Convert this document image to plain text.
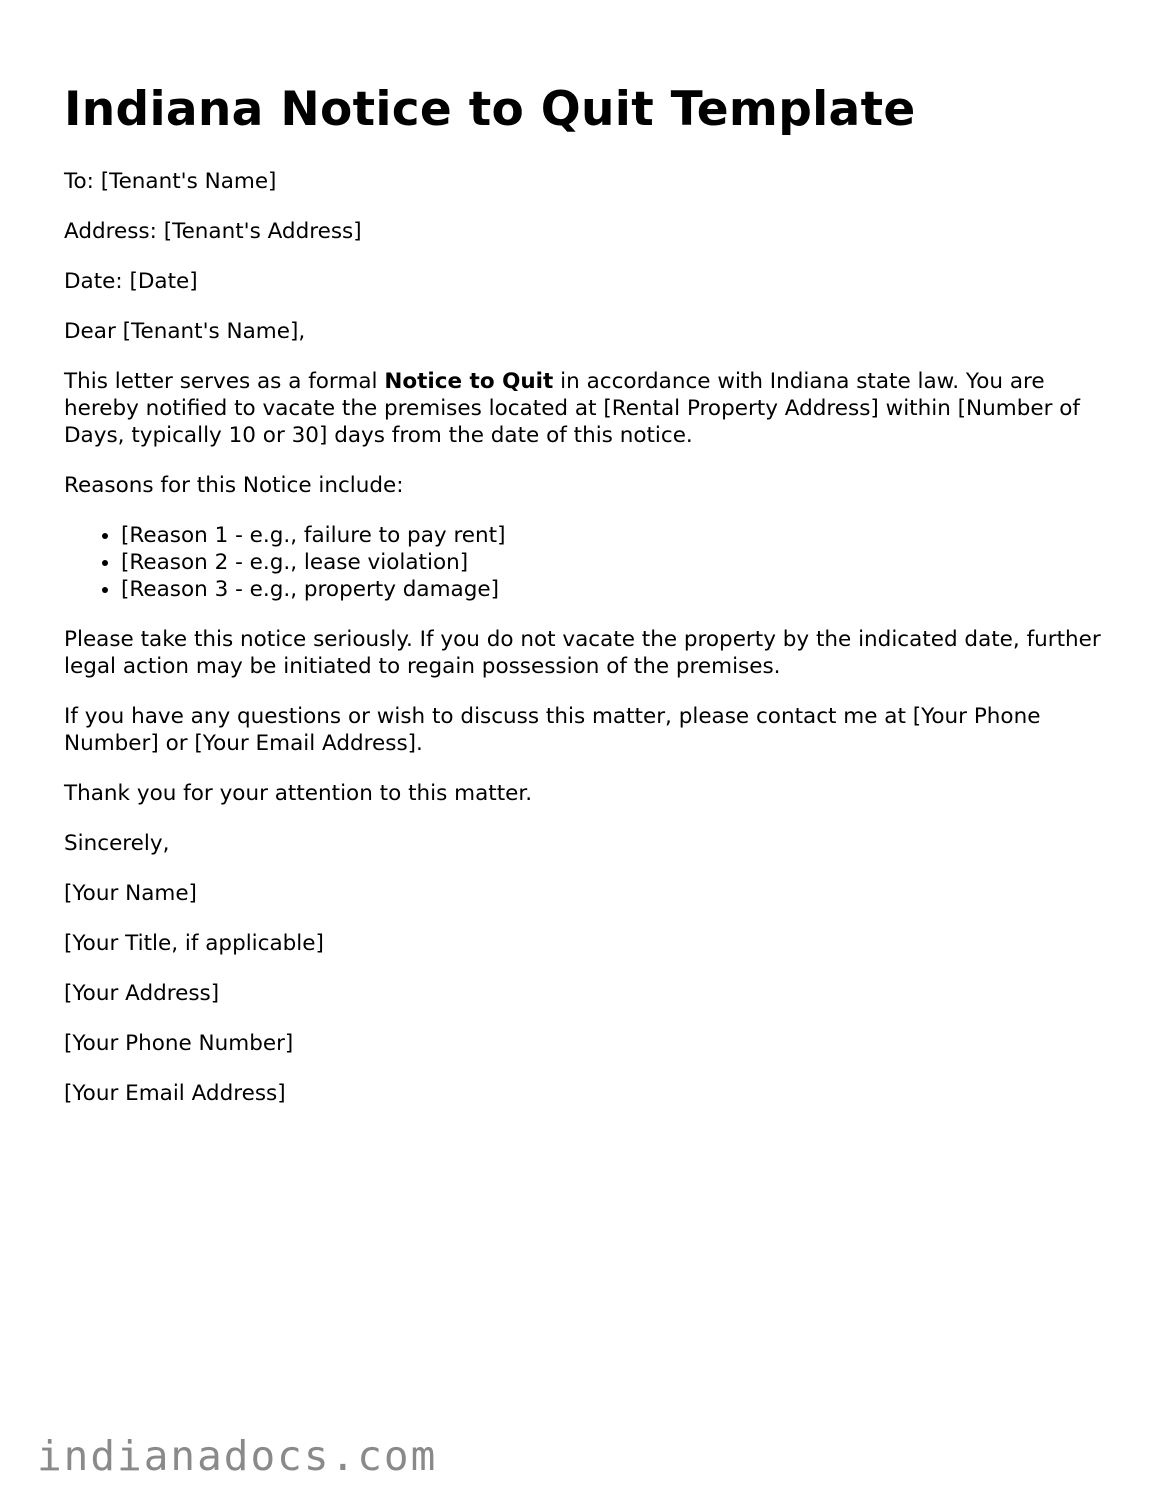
Indiana Notice to Quit Template

To: [Tenant's Name]

Address: [Tenant's Address]

Date: [Date]

Dear [Tenant's Name],

This letter serves as a formal Notice to Quit in accordance with Indiana state law. You are hereby notified to vacate the premises located at [Rental Property Address] within [Number of Days, typically 10 or 30] days from the date of this notice.

Reasons for this Notice include:

• [Reason 1 - e.g., failure to pay rent]
• [Reason 2 - e.g., lease violation]
• [Reason 3 - e.g., property damage]

Please take this notice seriously. If you do not vacate the property by the indicated date, further legal action may be initiated to regain possession of the premises.

If you have any questions or wish to discuss this matter, please contact me at [Your Phone Number] or [Your Email Address].

Thank you for your attention to this matter.

Sincerely,

[Your Name]

[Your Title, if applicable]

[Your Address]

[Your Phone Number]

[Your Email Address]

indianadocs.com
